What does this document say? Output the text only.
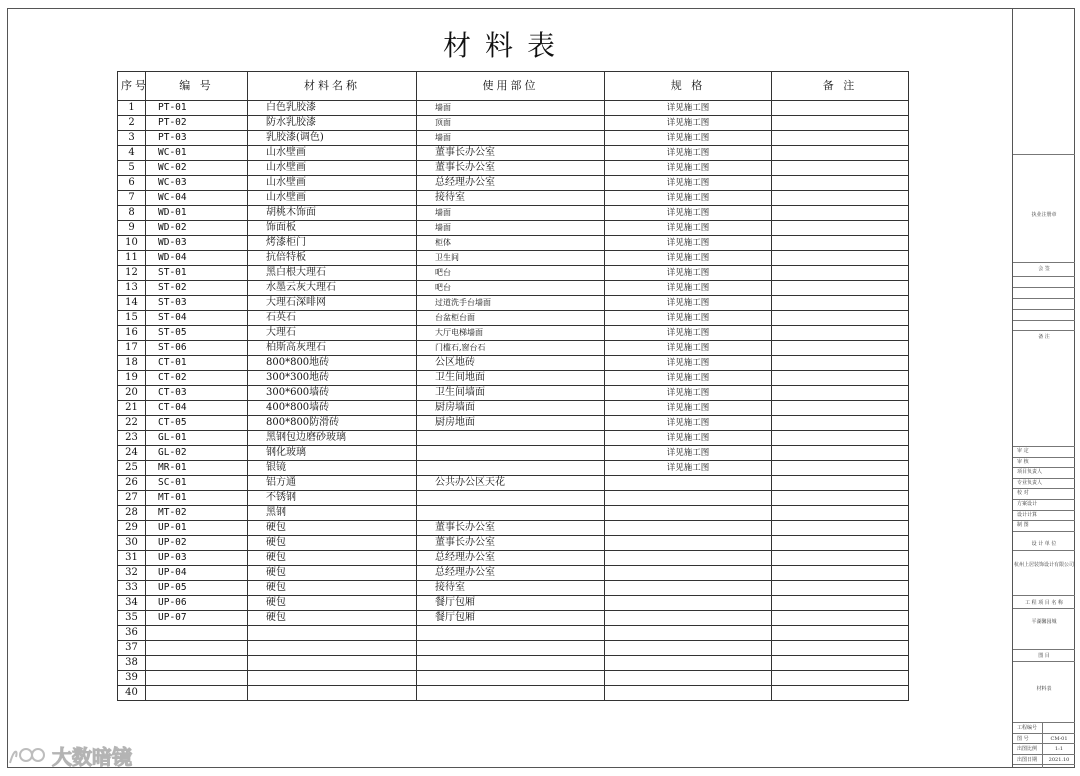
材料表
序号	编 号	材料名称	使用部位	规 格	备 注
1	PT-01	白色乳胶漆	墙面	详见施工图	
2	PT-02	防水乳胶漆	顶面	详见施工图	
3	PT-03	乳胶漆(调色)	墙面	详见施工图	
4	WC-01	山水壁画	董事长办公室	详见施工图	
5	WC-02	山水壁画	董事长办公室	详见施工图	
6	WC-03	山水壁画	总经理办公室	详见施工图	
7	WC-04	山水壁画	接待室	详见施工图	
8	WD-01	胡桃木饰面	墙面	详见施工图	
9	WD-02	饰面板	墙面	详见施工图	
10	WD-03	烤漆柜门	柜体	详见施工图	
11	WD-04	抗倍特板	卫生间	详见施工图	
12	ST-01	黑白根大理石	吧台	详见施工图	
13	ST-02	水墨云灰大理石	吧台	详见施工图	
14	ST-03	大理石深啡网	过道洗手台墙面	详见施工图	
15	ST-04	石英石	台盆柜台面	详见施工图	
16	ST-05	大理石	大厅电梯墙面	详见施工图	
17	ST-06	柏斯高灰理石	门槛石,窗台石	详见施工图	
18	CT-01	800*800地砖	公区地砖	详见施工图	
19	CT-02	300*300地砖	卫生间地面	详见施工图	
20	CT-03	300*600墙砖	卫生间墙面	详见施工图	
21	CT-04	400*800墙砖	厨房墙面	详见施工图	
22	CT-05	800*800防滑砖	厨房地面	详见施工图	
23	GL-01	黑钢包边磨砂玻璃		详见施工图	
24	GL-02	钢化玻璃		详见施工图	
25	MR-01	银镜		详见施工图	
26	SC-01	铝方通	公共办公区天花		
27	MT-01	不锈钢			
28	MT-02	黑钢			
29	UP-01	硬包	董事长办公室		
30	UP-02	硬包	董事长办公室		
31	UP-03	硬包	总经理办公室		
32	UP-04	硬包	总经理办公室		
33	UP-05	硬包	接待室		
34	UP-06	硬包	餐厅包厢		
35	UP-07	硬包	餐厅包厢		
36					
37					
38					
39					
40					
执业注册章
会 签
备 注
审 定
审 核
项目负责人
专业负责人
校 对
方案设计
设计计算
制 图
设 计 单 位
杭州上居装饰设计有限公司
工 程 项 目 名 称
平湖馨园城
图 目
材料表
工程编号
图 号	CM-01
出图比例	1:1
出图日期	2021.10
大数暗镜
